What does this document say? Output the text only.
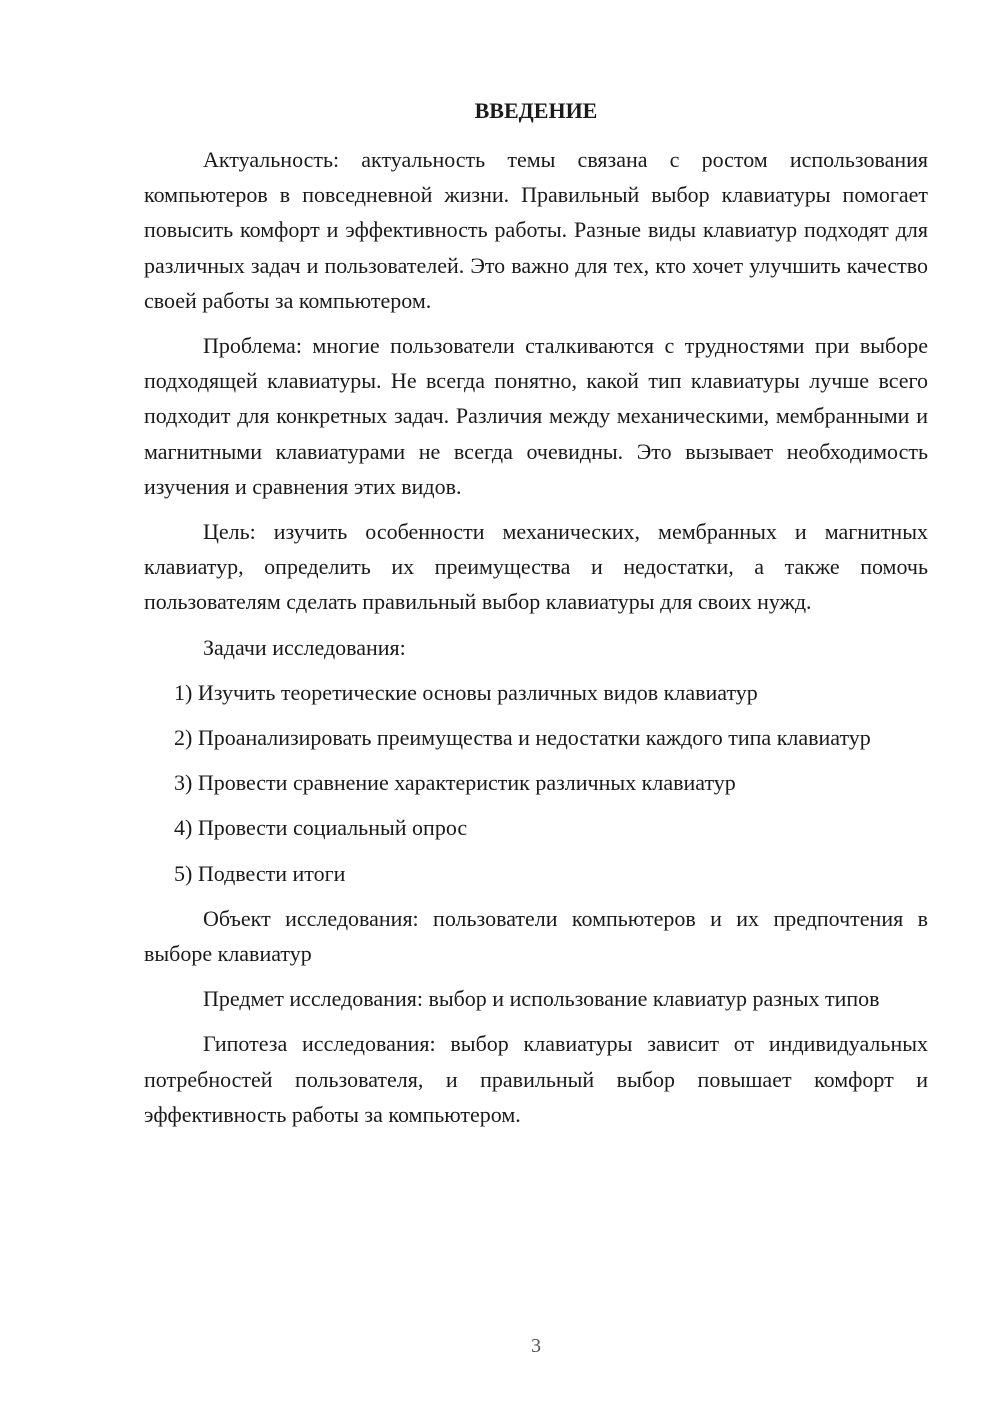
ВВЕДЕНИЕ

Актуальность: актуальность темы связана с ростом использования компьютеров в повседневной жизни. Правильный выбор клавиатуры помогает повысить комфорт и эффективность работы. Разные виды клавиатур подходят для различных задач и пользователей. Это важно для тех, кто хочет улучшить качество своей работы за компьютером.

Проблема: многие пользователи сталкиваются с трудностями при выборе подходящей клавиатуры. Не всегда понятно, какой тип клавиатуры лучше всего подходит для конкретных задач. Различия между механическими, мембранными и магнитными клавиатурами не всегда очевидны. Это вызывает необходимость изучения и сравнения этих видов.

Цель: изучить особенности механических, мембранных и магнитных клавиатур, определить их преимущества и недостатки, а также помочь пользователям сделать правильный выбор клавиатуры для своих нужд.

Задачи исследования:

1) Изучить теоретические основы различных видов клавиатур

2) Проанализировать преимущества и недостатки каждого типа клавиатур

3) Провести сравнение характеристик различных клавиатур

4) Провести социальный опрос

5) Подвести итоги

Объект исследования: пользователи компьютеров и их предпочтения в выборе клавиатур

Предмет исследования: выбор и использование клавиатур разных типов

Гипотеза исследования: выбор клавиатуры зависит от индивидуальных потребностей пользователя, и правильный выбор повышает комфорт и эффективность работы за компьютером.

3
